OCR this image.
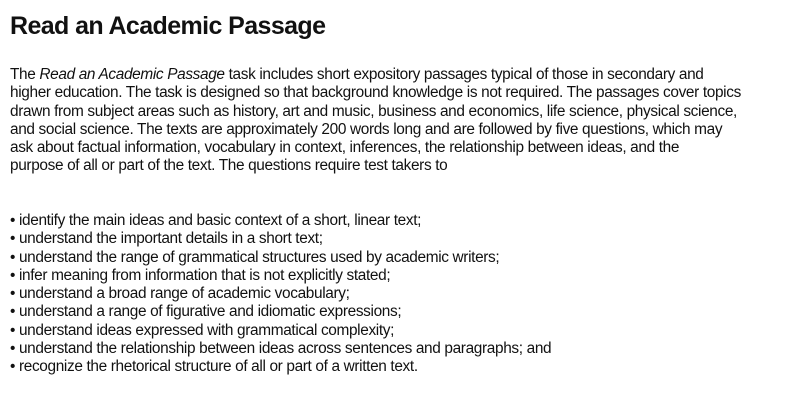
Read an Academic Passage

The Read an Academic Passage task includes short expository passages typical of those in secondary and
higher education. The task is designed so that background knowledge is not required. The passages cover topics
drawn from subject areas such as history, art and music, business and economics, life science, physical science,
and social science. The texts are approximately 200 words long and are followed by five questions, which may
ask about factual information, vocabulary in context, inferences, the relationship between ideas, and the
purpose of all or part of the text. The questions require test takers to

• identify the main ideas and basic context of a short, linear text;
• understand the important details in a short text;
• understand the range of grammatical structures used by academic writers;
• infer meaning from information that is not explicitly stated;
• understand a broad range of academic vocabulary;
• understand a range of figurative and idiomatic expressions;
• understand ideas expressed with grammatical complexity;
• understand the relationship between ideas across sentences and paragraphs; and
• recognize the rhetorical structure of all or part of a written text.
